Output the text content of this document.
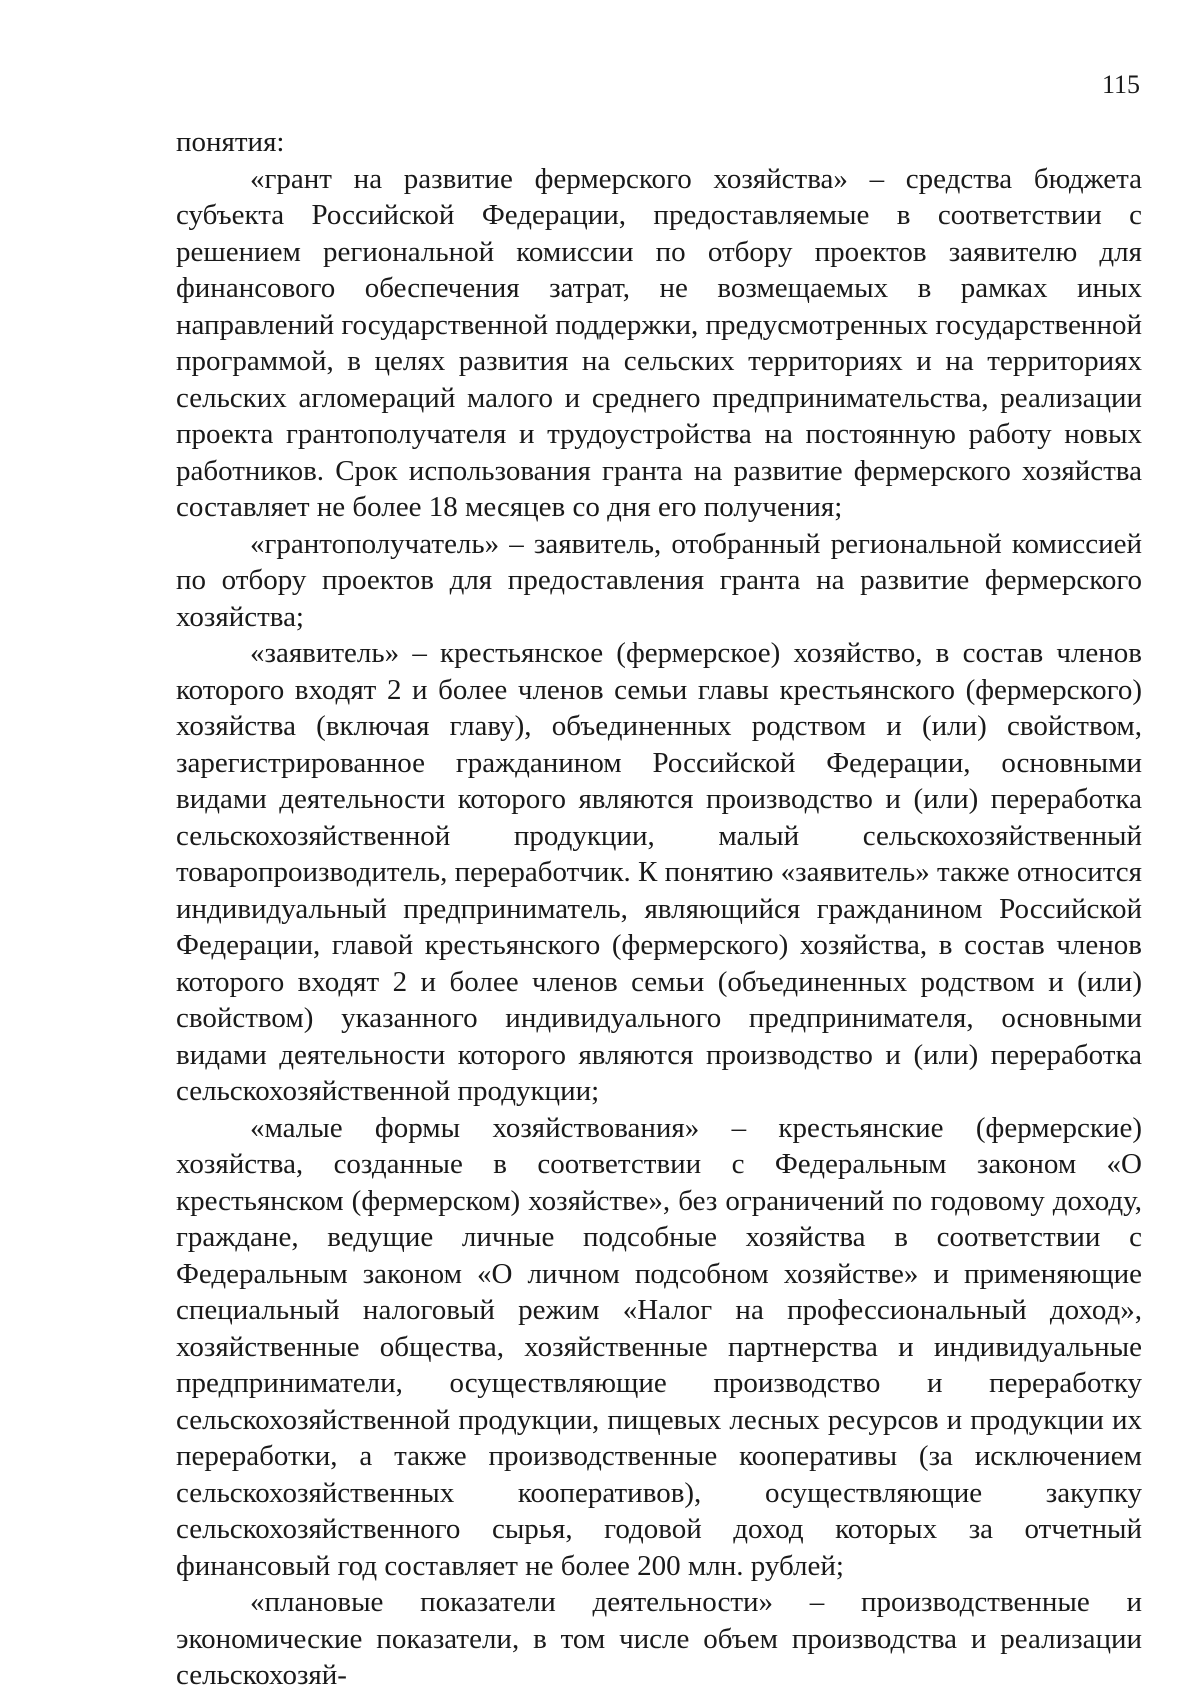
115

понятия:

«грант на развитие фермерского хозяйства» – средства бюджета субъекта Российской Федерации, предоставляемые в соответствии с решением региональной комиссии по отбору проектов заявителю для финансового обеспечения затрат, не возмещаемых в рамках иных направлений государственной поддержки, предусмотренных государственной программой, в целях развития на сельских территориях и на территориях сельских агломераций малого и среднего предпринимательства, реализации проекта грантополучателя и трудоустройства на постоянную работу новых работников. Срок использования гранта на развитие фермерского хозяйства составляет не более 18 месяцев со дня его получения;

«грантополучатель» – заявитель, отобранный региональной комиссией по отбору проектов для предоставления гранта на развитие фермерского хозяйства;

«заявитель» – крестьянское (фермерское) хозяйство, в состав членов которого входят 2 и более членов семьи главы крестьянского (фермерского) хозяйства (включая главу), объединенных родством и (или) свойством, зарегистрированное гражданином Российской Федерации, основными видами деятельности которого являются производство и (или) переработка сельскохозяйственной продукции, малый сельскохозяйственный товаропроизводитель, переработчик. К понятию «заявитель» также относится индивидуальный предприниматель, являющийся гражданином Российской Федерации, главой крестьянского (фермерского) хозяйства, в состав членов которого входят 2 и более членов семьи (объединенных родством и (или) свойством) указанного индивидуального предпринимателя, основными видами деятельности которого являются производство и (или) переработка сельскохозяйственной продукции;

«малые формы хозяйствования» – крестьянские (фермерские) хозяйства, созданные в соответствии с Федеральным законом «О крестьянском (фермерском) хозяйстве», без ограничений по годовому доходу, граждане, ведущие личные подсобные хозяйства в соответствии с Федеральным законом «О личном подсобном хозяйстве» и применяющие специальный налоговый режим «Налог на профессиональный доход», хозяйственные общества, хозяйственные партнерства и индивидуальные предприниматели, осуществляющие производство и переработку сельскохозяйственной продукции, пищевых лесных ресурсов и продукции их переработки, а также производственные кооперативы (за исключением сельскохозяйственных кооперативов), осуществляющие закупку сельскохозяйственного сырья, годовой доход которых за отчетный финансовый год составляет не более 200 млн. рублей;

«плановые показатели деятельности» – производственные и экономические показатели, в том числе объем производства и реализации сельскохозяй-
